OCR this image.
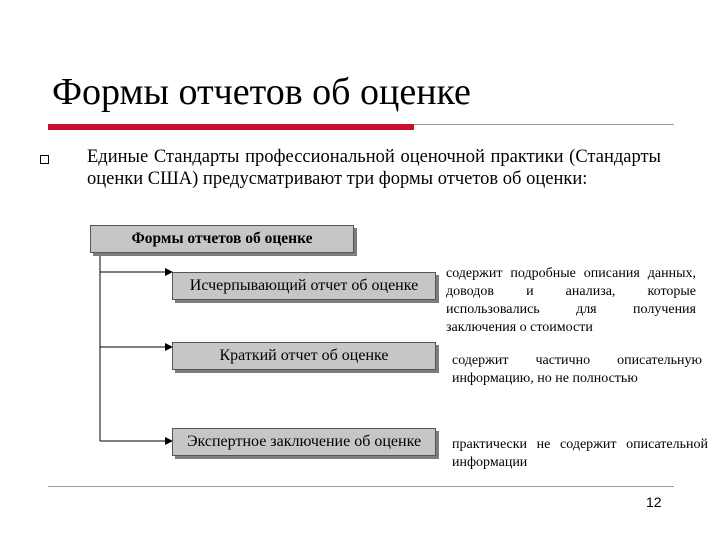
Формы отчетов об оценке
Единые Стандарты профессиональной оценочной практики (Стандарты оценки США) предусматривают три формы отчетов об оценки:
Формы отчетов об оценке
Исчерпывающий отчет об оценке
содержит подробные описания данных, доводов и анализа, которые использовались для получения заключения о стоимости
Краткий отчет об оценке	содержит частично описательную информацию, но не полностью
Экспертное заключение об оценке	практически не содержит описательной информации
12
